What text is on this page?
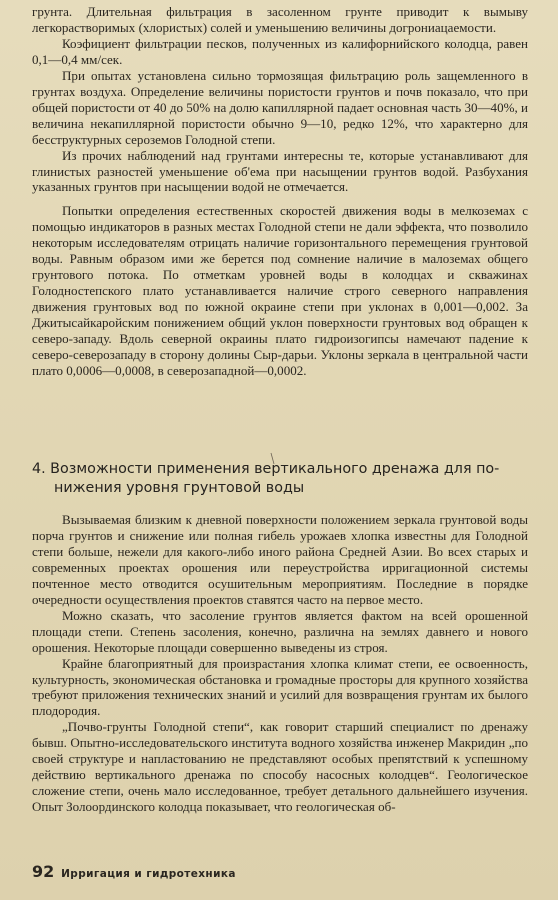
грунта. Длительная фильтрация в засоленном грунте приводит к вымыву легкорастворимых (хлористых) солей и уменьшению величины догрониацаемости.

Коэфициент фильтрации песков, полученных из калифорнийского колодца, равен 0,1—0,4 мм/сек.

При опытах установлена сильно тормозящая фильтрацию роль защемленного в грунтах воздуха. Определение величины пористости грунтов и почв показало, что при общей пористости от 40 до 50% на долю капиллярной падает основная часть 30—40%, и величина некапиллярной пористости обычно 9—10, редко 12%, что характерно для бесструктурных сероземов Голодной степи.

Из прочих наблюдений над грунтами интересны те, которые устанавливают для глинистых разностей уменьшение об'ема при насыщении грунтов водой. Разбухания указанных грунтов при насыщении водой не отмечается.

Попытки определения естественных скоростей движения воды в мелкоземах с помощью индикаторов в разных местах Голодной степи не дали эффекта, что позволило некоторым исследователям отрицать наличие горизонтального перемещения грунтовой воды. Равным образом ими же берется под сомнение наличие в малоземах общего грунтового потока. По отметкам уровней воды в колодцах и скважинах Голодностепского плато устанавливается наличие строго северного направления движения грунтовых вод по южной окраине степи при уклонах в 0,001—0,002. За Джитысайкаройским понижением общий уклон поверхности грунтовых вод обращен к северо-западу. Вдоль северной окраины плато гидроизогипсы намечают падение к северо-северозападу в сторону долины Сыр-дарьи. Уклоны зеркала в центральной части плато 0,0006—0,0008, в северозападной—0,0002.

4. Возможности применения вертикального дренажа для по-
нижения уровня грунтовой воды

Вызываемая близким к дневной поверхности положением зеркала грунтовой воды порча грунтов и снижение или полная гибель урожаев хлопка известны для Голодной степи больше, нежели для какого-либо иного района Средней Азии. Во всех старых и современных проектах орошения или переустройства ирригационной системы почтенное место отводится осушительным мероприятиям. Последние в порядке очередности осуществления проектов ставятся часто на первое место.

Можно сказать, что засоление грунтов является фактом на всей орошенной площади степи. Степень засоления, конечно, различна на землях давнего и нового орошения. Некоторые площади совершенно выведены из строя.

Крайне благоприятный для произрастания хлопка климат степи, ее освоенность, культурность, экономическая обстановка и громадные просторы для крупного хозяйства требуют приложения технических знаний и усилий для возвращения грунтам их былого плодородия.

„Почво-грунты Голодной степи“, как говорит старший специалист по дренажу бывш. Опытно-исследовательского института водного хозяйства инженер Макридин „по своей структуре и напластованию не представляют особых препятствий к успешному действию вертикального дренажа по способу насосных колодцев“. Геологическое сложение степи, очень мало исследованное, требует детального дальнейшего изучения. Опыт Золоординского колодца показывает, что геологическая об-

92 Ирригация и гидротехника
